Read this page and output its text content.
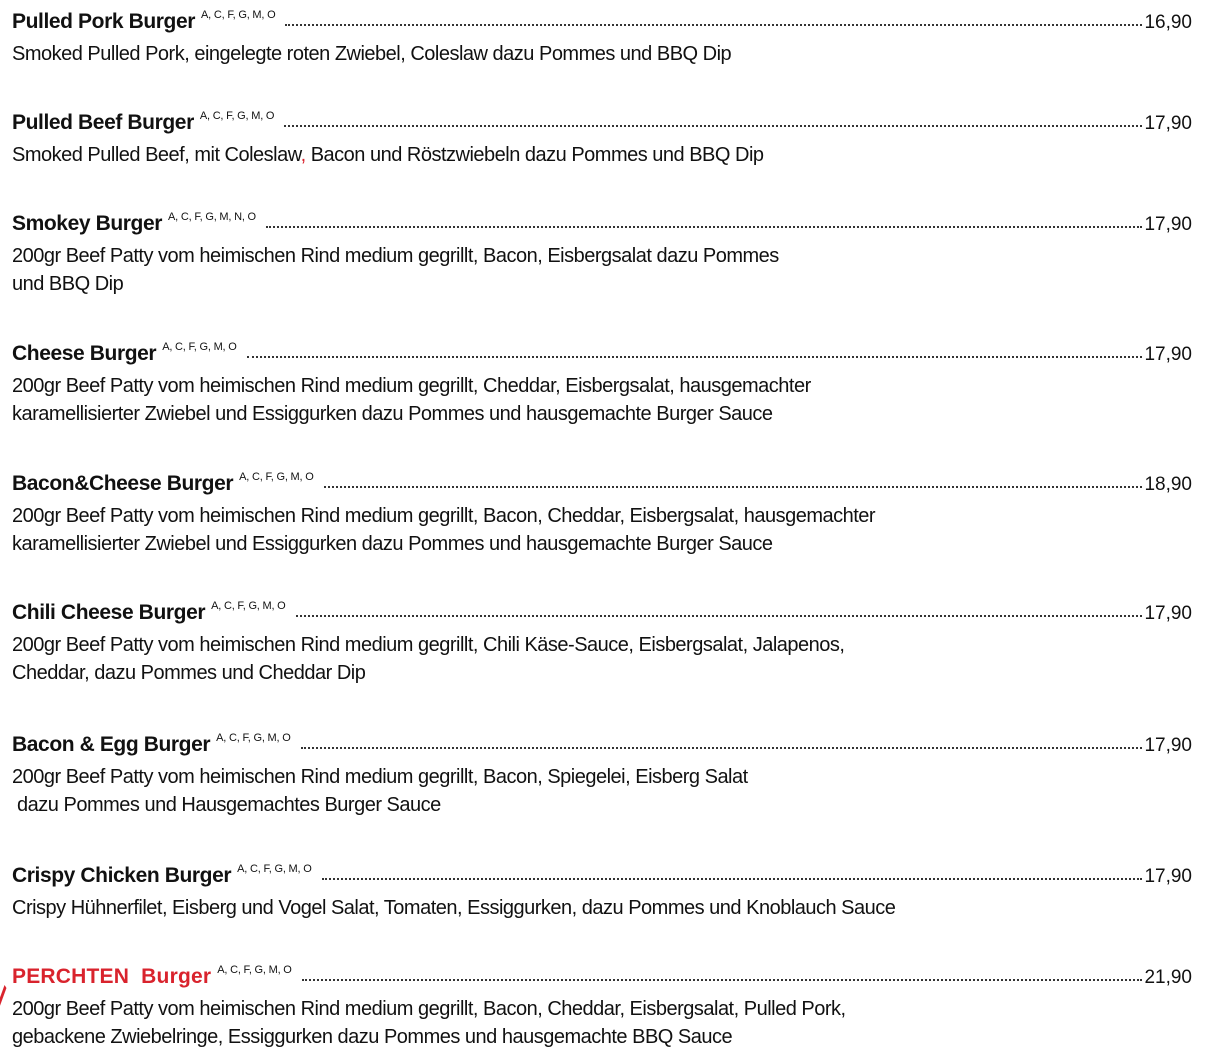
Pulled Pork Burger A, C, F, G, M, O	16,90
Smoked Pulled Pork, eingelegte roten Zwiebel, Coleslaw dazu Pommes und BBQ Dip
Pulled Beef Burger A, C, F, G, M, O	17,90
Smoked Pulled Beef, mit Coleslaw, Bacon und Röstzwiebeln dazu Pommes und BBQ Dip
Smokey Burger A, C, F, G, M, N, O	17,90
200gr Beef Patty vom heimischen Rind medium gegrillt, Bacon, Eisbergsalat dazu Pommes
und BBQ Dip
Cheese Burger A, C, F, G, M, O	17,90
200gr Beef Patty vom heimischen Rind medium gegrillt, Cheddar, Eisbergsalat, hausgemachter
karamellisierter Zwiebel und Essiggurken dazu Pommes und hausgemachte Burger Sauce
Bacon&Cheese Burger A, C, F, G, M, O	18,90
200gr Beef Patty vom heimischen Rind medium gegrillt, Bacon, Cheddar, Eisbergsalat, hausgemachter
karamellisierter Zwiebel und Essiggurken dazu Pommes und hausgemachte Burger Sauce
Chili Cheese Burger A, C, F, G, M, O	17,90
200gr Beef Patty vom heimischen Rind medium gegrillt, Chili Käse-Sauce, Eisbergsalat, Jalapenos,
Cheddar, dazu Pommes und Cheddar Dip
Bacon & Egg Burger A, C, F, G, M, O	17,90
200gr Beef Patty vom heimischen Rind medium gegrillt, Bacon, Spiegelei, Eisberg Salat
dazu Pommes und Hausgemachtes Burger Sauce
Crispy Chicken Burger A, C, F, G, M, O	17,90
Crispy Hühnerfilet, Eisberg und Vogel Salat, Tomaten, Essiggurken, dazu Pommes und Knoblauch Sauce
PERCHTEN  Burger A, C, F, G, M, O	21,90
200gr Beef Patty vom heimischen Rind medium gegrillt, Bacon, Cheddar, Eisbergsalat, Pulled Pork,
gebackene Zwiebelringe, Essiggurken dazu Pommes und hausgemachte BBQ Sauce
